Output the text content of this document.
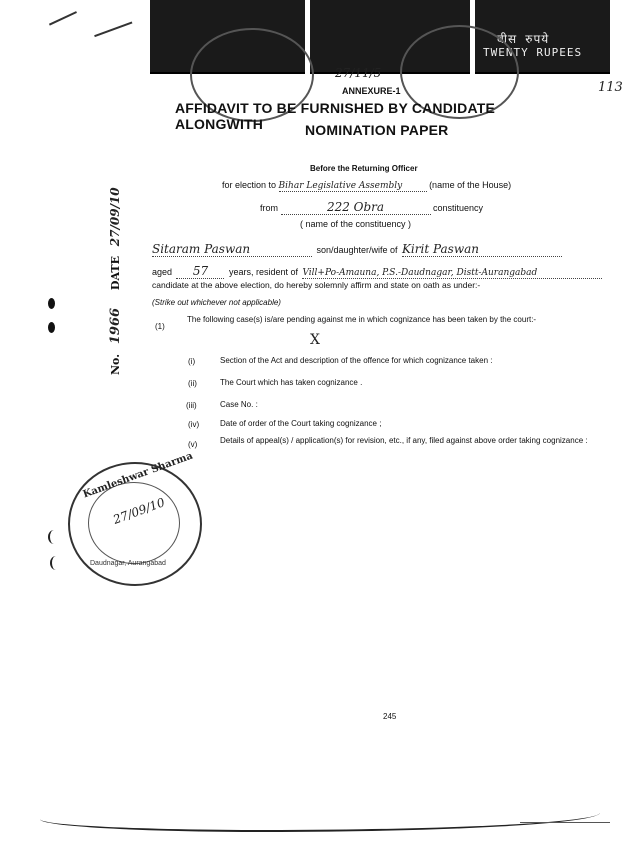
बीस रुपये
TWENTY RUPEES
27/11/5
113
ANNEXURE-1
AFFIDAVIT TO BE FURNISHED BY CANDIDATE ALONGWITH	NOMINATION PAPER
Before the Returning Officer
for election to Bihar Legislative Assembly	(name of the House)
from	222 Obra	constituency
( name of the constituency )
Sitaram Paswan	son/daughter/wife of Kirit Paswan
aged 57 years, resident of Vill+Po-Amauna, P.S.-Daudnagar, Distt-Aurangabad
candidate at the above election, do hereby solemnly affirm and state on oath as under:-
(Strike out whichever not applicable)
(1)
The following case(s) is/are pending against me in which cognizance has been taken by the court:-
X
(i)	Section of the Act and description of the offence for which cognizance taken :
(ii)	The Court which has taken cognizance .
(iii)	Case No. :
(iv)	Date of order of the Court taking cognizance ;
(v)	Details of appeal(s) / application(s) for revision, etc., if any, filed against above order taking cognizance :
No. 1966 DATE 27/09/10
Kamleshwar Sharma
27/09/10
Daudnagar, Aurangabad
245
